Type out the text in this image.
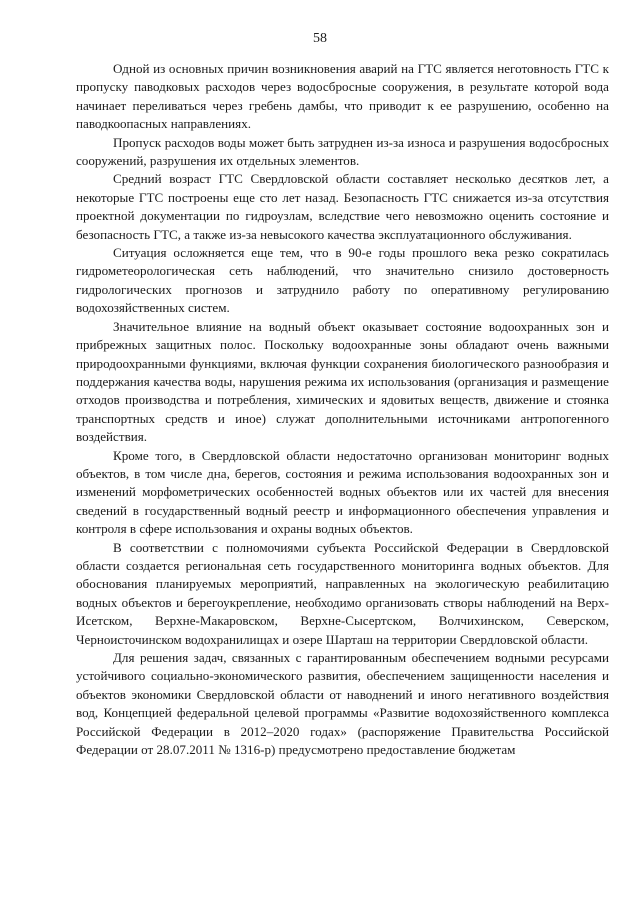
58

Одной из основных причин возникновения аварий на ГТС является неготовность ГТС к пропуску паводковых расходов через водосбросные сооружения, в результате которой вода начинает переливаться через гребень дамбы, что приводит к ее разрушению, особенно на паводкоопасных направлениях.

Пропуск расходов воды может быть затруднен из-за износа и разрушения водосбросных сооружений, разрушения их отдельных элементов.

Средний возраст ГТС Свердловской области составляет несколько десятков лет, а некоторые ГТС построены еще сто лет назад. Безопасность ГТС снижается из-за отсутствия проектной документации по гидроузлам, вследствие чего невозможно оценить состояние и безопасность ГТС, а также из-за невысокого качества эксплуатационного обслуживания.

Ситуация осложняется еще тем, что в 90-е годы прошлого века резко сократилась гидрометеорологическая сеть наблюдений, что значительно снизило достоверность гидрологических прогнозов и затруднило работу по оперативному регулированию водохозяйственных систем.

Значительное влияние на водный объект оказывает состояние водоохранных зон и прибрежных защитных полос. Поскольку водоохранные зоны обладают очень важными природоохранными функциями, включая функции сохранения биологического разнообразия и поддержания качества воды, нарушения режима их использования (организация и размещение отходов производства и потребления, химических и ядовитых веществ, движение и стоянка транспортных средств и иное) служат дополнительными источниками антропогенного воздействия.

Кроме того, в Свердловской области недостаточно организован мониторинг водных объектов, в том числе дна, берегов, состояния и режима использования водоохранных зон и изменений морфометрических особенностей водных объектов или их частей для внесения сведений в государственный водный реестр и информационного обеспечения управления и контроля в сфере использования и охраны водных объектов.

В соответствии с полномочиями субъекта Российской Федерации в Свердловской области создается региональная сеть государственного мониторинга водных объектов. Для обоснования планируемых мероприятий, направленных на экологическую реабилитацию водных объектов и берегоукрепление, необходимо организовать створы наблюдений на Верх-Исетском, Верхне-Макаровском, Верхне-Сысертском, Волчихинском, Северском, Черноисточинском водохранилищах и озере Шарташ на территории Свердловской области.

Для решения задач, связанных с гарантированным обеспечением водными ресурсами устойчивого социально-экономического развития, обеспечением защищенности населения и объектов экономики Свердловской области от наводнений и иного негативного воздействия вод, Концепцией федеральной целевой программы «Развитие водохозяйственного комплекса Российской Федерации в 2012–2020 годах» (распоряжение Правительства Российской Федерации от 28.07.2011 № 1316-р) предусмотрено предоставление бюджетам
